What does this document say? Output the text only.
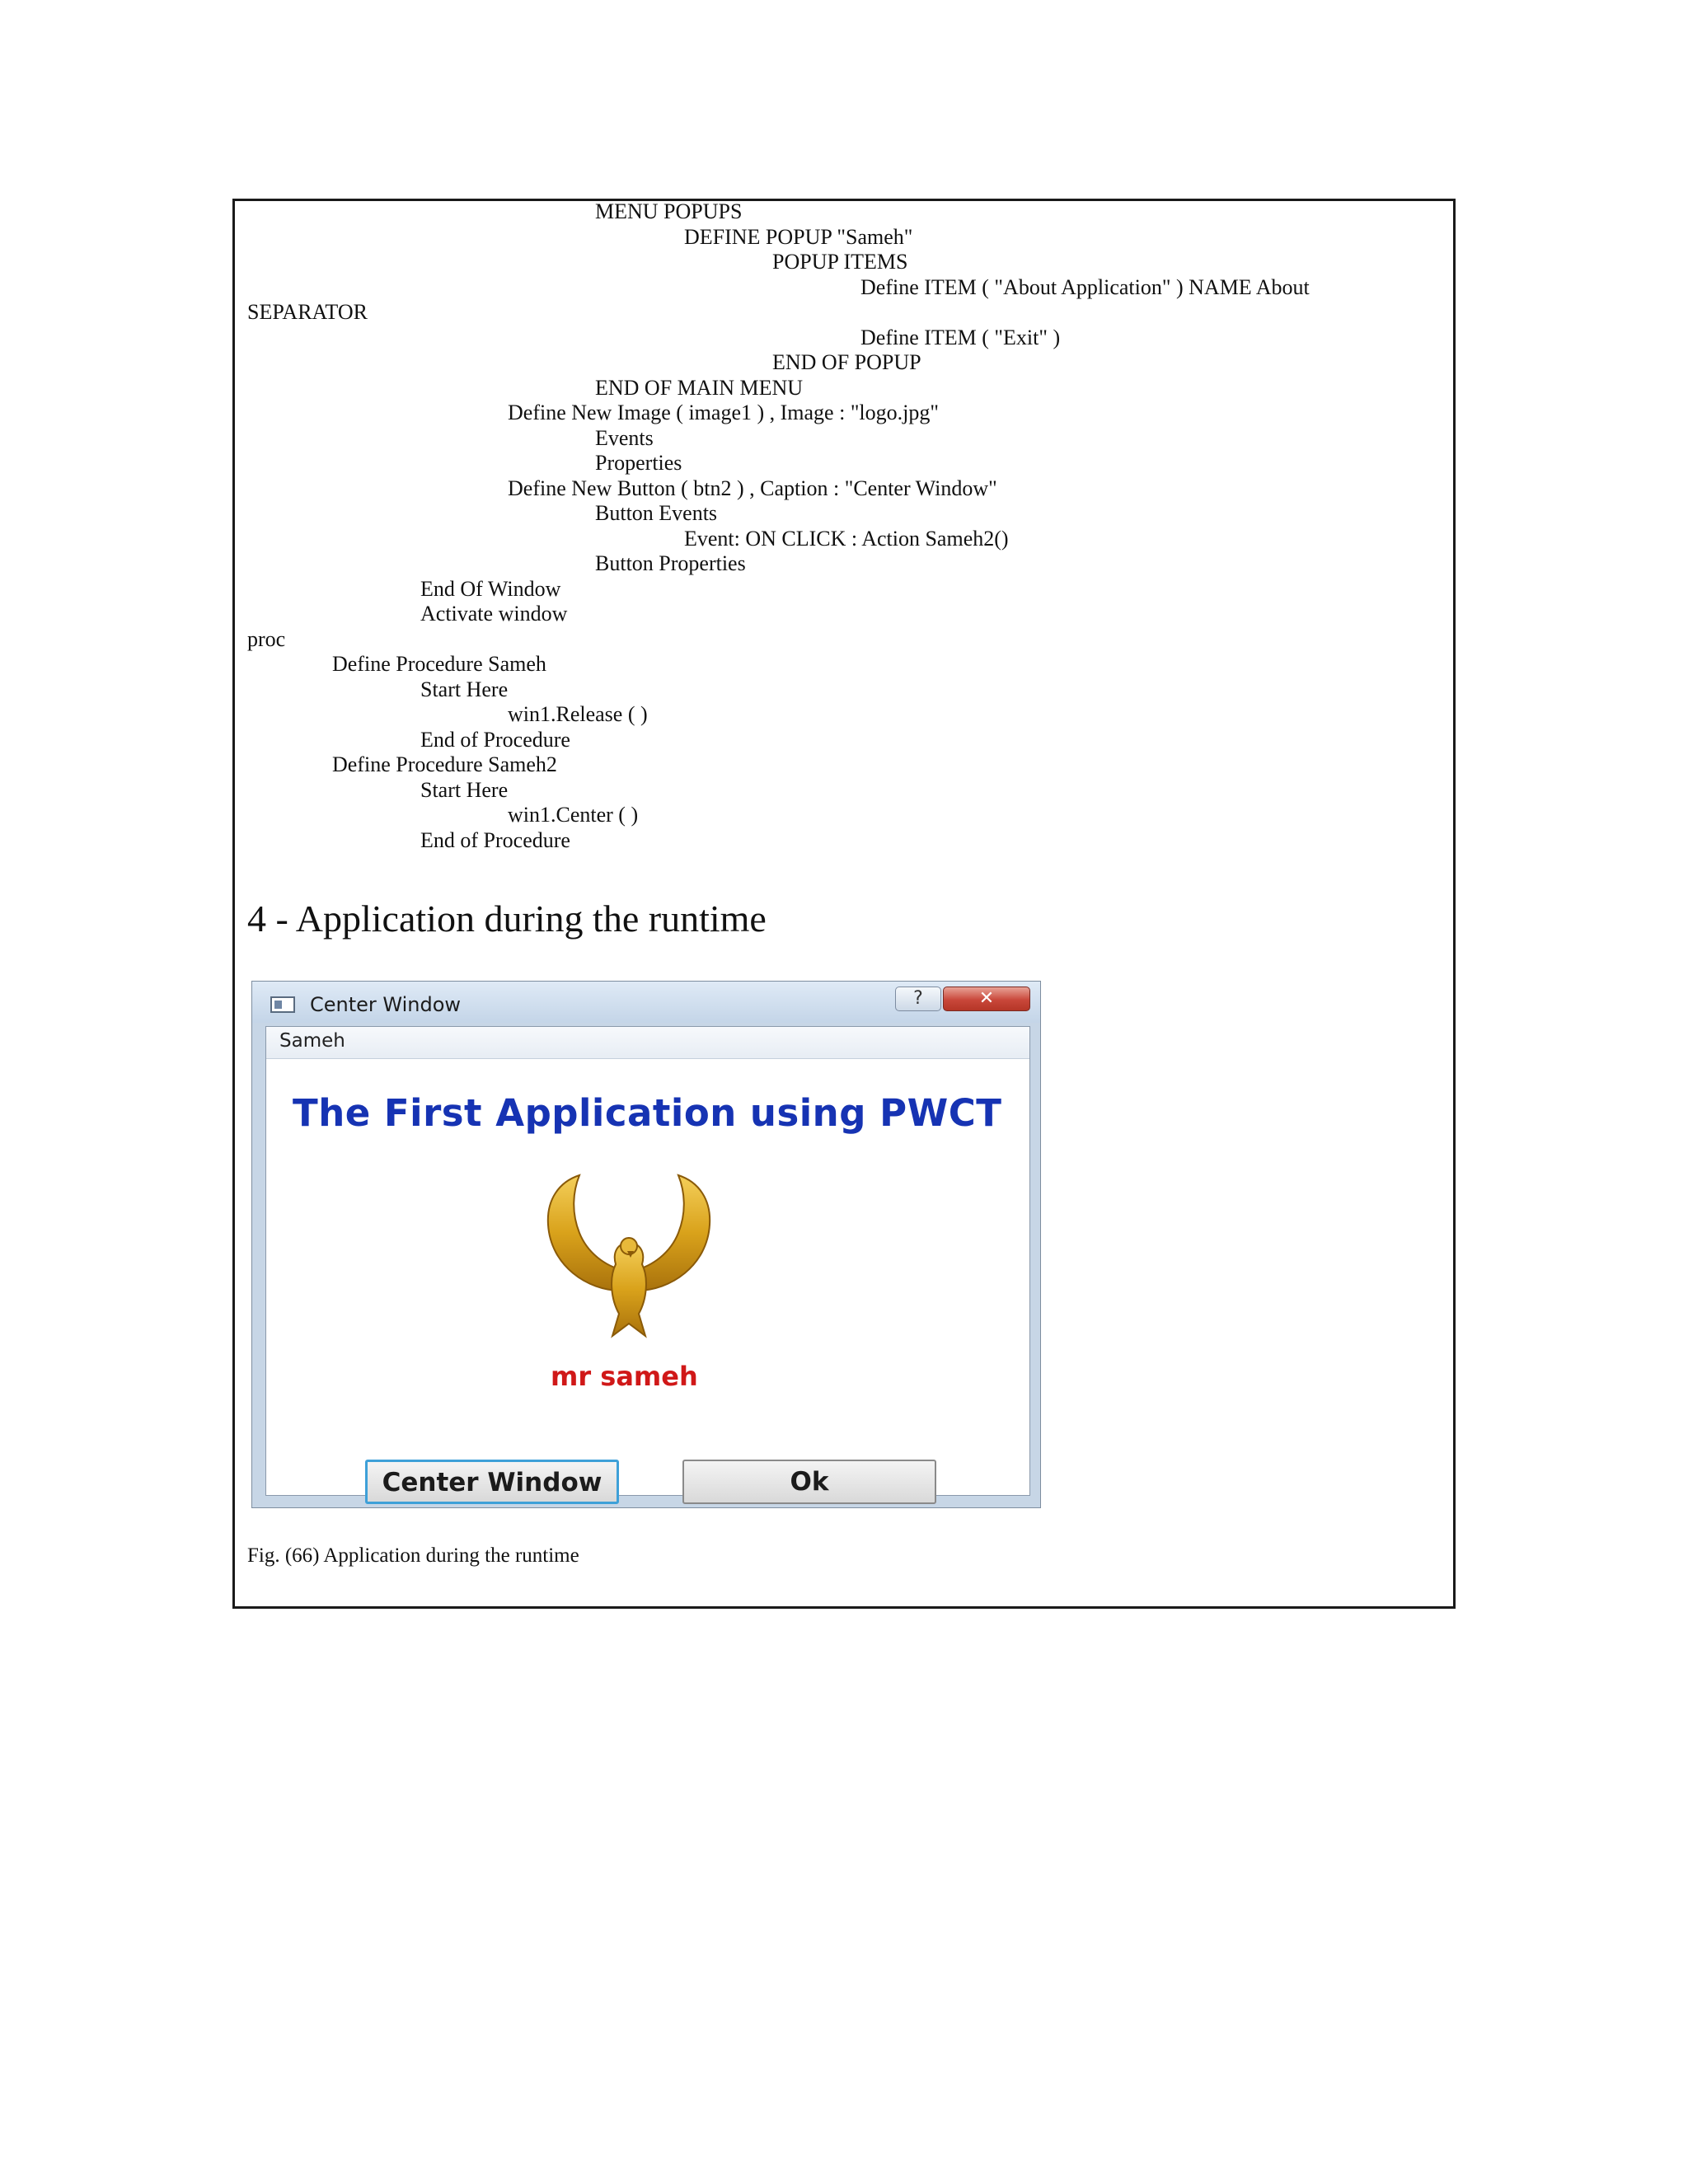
MENU POPUPS
DEFINE POPUP "Sameh"
POPUP ITEMS
Define ITEM ( "About Application" ) NAME About
SEPARATOR
Define ITEM ( "Exit" )
END OF POPUP
END OF MAIN MENU
Define New Image ( image1 ) , Image : "logo.jpg"
Events
Properties
Define New Button ( btn2 ) , Caption : "Center Window"
Button Events
Event: ON CLICK : Action Sameh2()
Button Properties
End Of Window
Activate window
proc
Define Procedure Sameh
Start Here
win1.Release ( )
End of Procedure
Define Procedure Sameh2
Start Here
win1.Center ( )
End of Procedure
4 - Application during the runtime
Center Window	?	✕
Sameh
The First Application using PWCT
mr sameh
Center Window	Ok
Fig. (66) Application during the runtime
